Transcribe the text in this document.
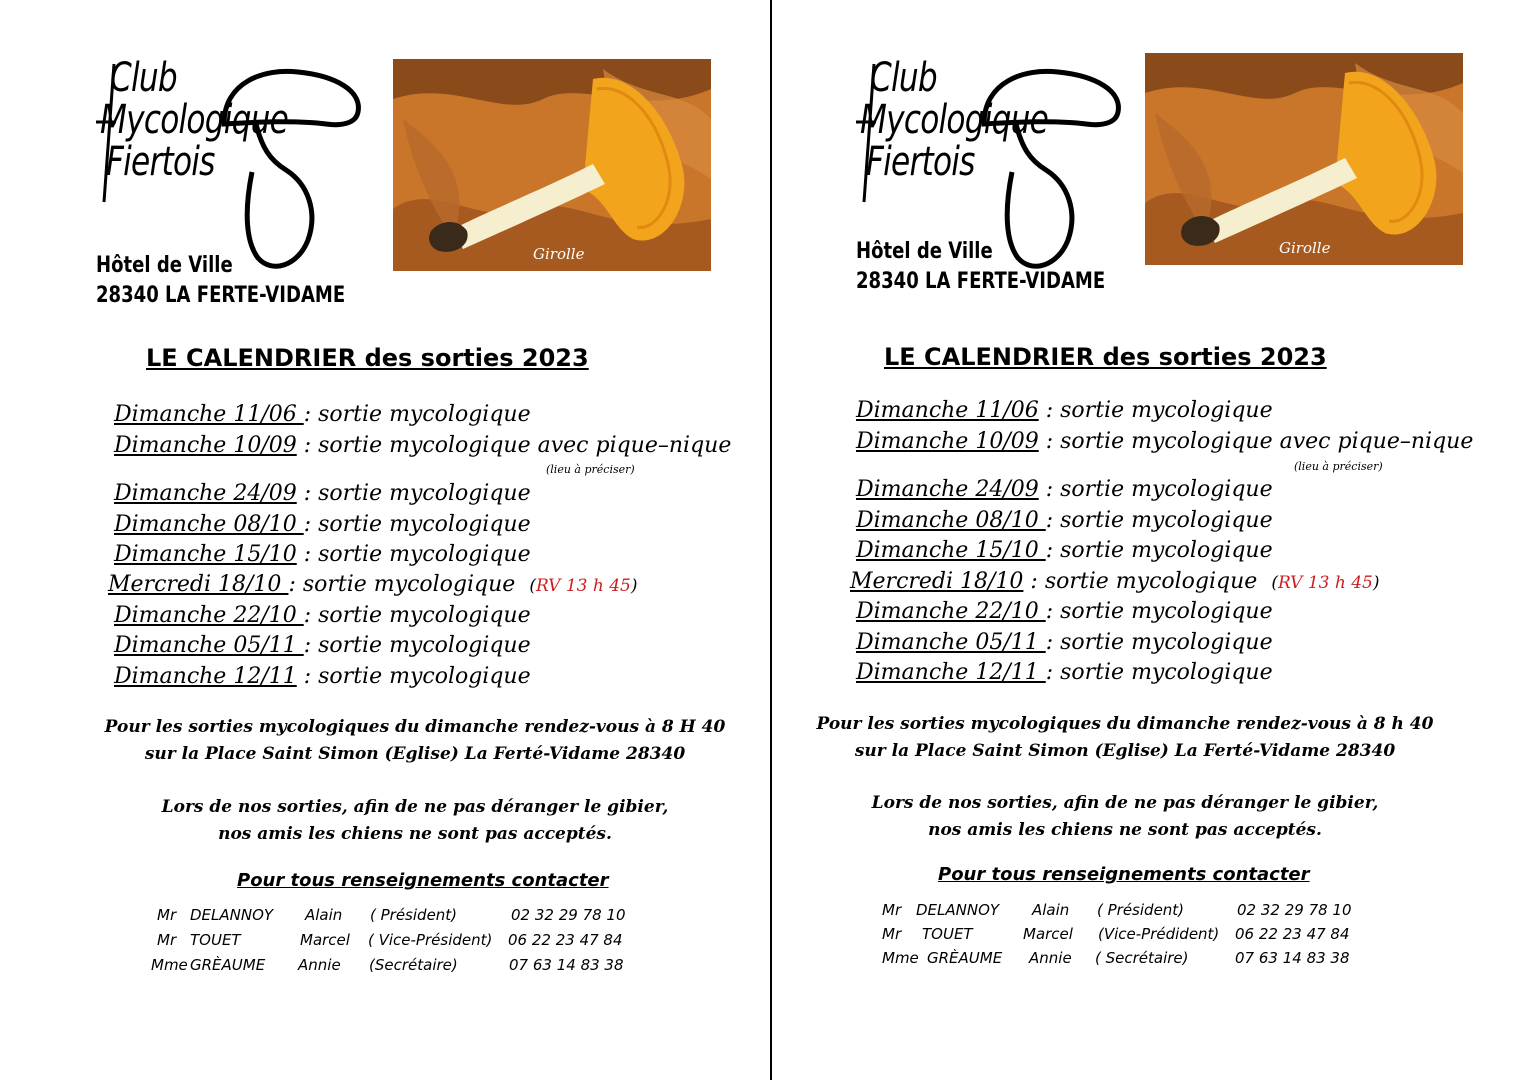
Club
Mycologique
Fiertois
Hôtel de Ville
28340 LA FERTE-VIDAME
Girolle
LE CALENDRIER des sorties 2023
Dimanche 11/06 : sortie mycologique
Dimanche 10/09 : sortie mycologique avec pique–nique
(lieu à préciser)
Dimanche 24/09 : sortie mycologique
Dimanche 08/10 : sortie mycologique
Dimanche 15/10 : sortie mycologique
Mercredi 18/10 : sortie mycologique (RV 13 h 45)
Dimanche 22/10 : sortie mycologique
Dimanche 05/11 : sortie mycologique
Dimanche 12/11 : sortie mycologique
Pour les sorties mycologiques du dimanche rendez-vous à 8 H 40
sur la Place Saint Simon (Eglise) La Ferté-Vidame 28340
Lors de nos sorties, afin de ne pas déranger le gibier,
nos amis les chiens ne sont pas acceptés.
Pour tous renseignements contacter
Mr DELANNOY Alain ( Président)	02 32 29 78 10
Mr TOUET	Marcel ( Vice-Président) 06 22 23 47 84
Mme GRÈAUME Annie (Secrétaire)	07 63 14 83 38
Club
Mycologique
Fiertois
Hôtel de Ville
28340 LA FERTE-VIDAME
Girolle
LE CALENDRIER des sorties 2023
Dimanche 11/06 : sortie mycologique
Dimanche 10/09 : sortie mycologique avec pique–nique
(lieu à préciser)
Dimanche 24/09 : sortie mycologique
Dimanche 08/10 : sortie mycologique
Dimanche 15/10 : sortie mycologique
Mercredi 18/10 : sortie mycologique (RV 13 h 45)
Dimanche 22/10 : sortie mycologique
Dimanche 05/11 : sortie mycologique
Dimanche 12/11 : sortie mycologique
Pour les sorties mycologiques du dimanche rendez-vous à 8 h 40
sur la Place Saint Simon (Eglise) La Ferté-Vidame 28340
Lors de nos sorties, afin de ne pas déranger le gibier,
nos amis les chiens ne sont pas acceptés.
Pour tous renseignements contacter
Mr DELANNOY Alain ( Président)	02 32 29 78 10
Mr TOUET	Marcel (Vice-Prédident) 06 22 23 47 84
Mme GRÈAUME Annie ( Secrétaire)	07 63 14 83 38
